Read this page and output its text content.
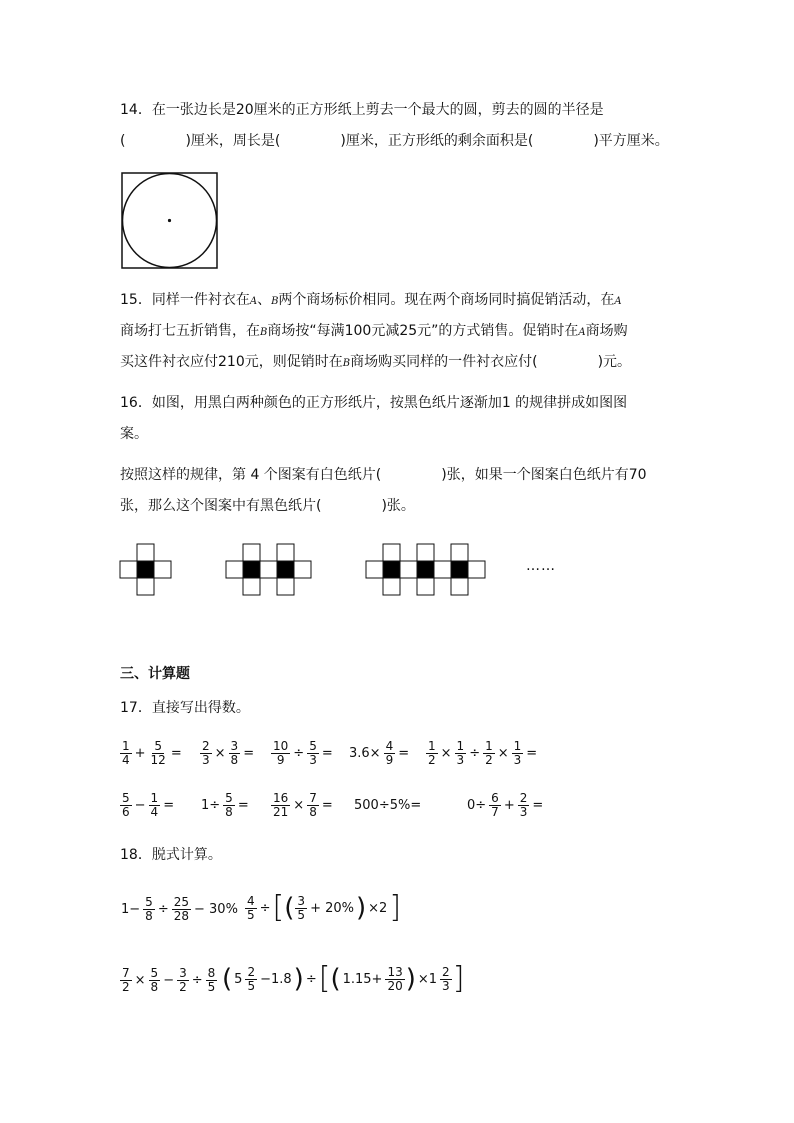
14．在一张边长是20厘米的正方形纸上剪去一个最大的圆，剪去的圆的半径是
(	)厘米，周长是(	)厘米，正方形纸的剩余面积是(	)平方厘米。
15．同样一件衬衣在A、B两个商场标价相同。现在两个商场同时搞促销活动，在A
商场打七五折销售，在B商场按“每满100元减25元”的方式销售。促销时在A商场购
买这件衬衣应付210元，则促销时在B商场购买同样的一件衬衣应付(	)元。
16．如图，用黑白两种颜色的正方形纸片，按黑色纸片逐渐加1 的规律拼成如图图
案。
按照这样的规律，第 4 个图案有白色纸片(	)张，如果一个图案白色纸片有70
张，那么这个图案中有黑色纸片(	)张。
……
三、计算题
17．直接写出得数。
$\frac{1}{4} + \frac{5}{12} = \frac{2}{3} \times \frac{3}{8} = \frac{10}{9} \div \frac{5}{3} = 3.6\times \frac{4}{9} = \frac{1}{2} \times \frac{1}{3} \div \frac{1}{2} \times \frac{1}{3}$ =
$\frac{5}{6} - \frac{1}{4} = 1\div \frac{5}{8} = \frac{16}{21} \times \frac{7}{8} = 500\div 5\%=$	$0\div \frac{6}{7} + \frac{2}{3}$ =
18．脱式计算。
$1- \frac{5}{8} \div \frac{25}{28} - 30\% \frac{4}{5}$ ÷ [ ( $\frac{3}{5} + 20\%$ ) ×2 ]
$\frac{7}{2} \times \frac{5}{8} - \frac{3}{2} \div \frac{8}{5}$ ( $5 \frac{2}{5} -1.8$ ) ÷ [ ( $1.15+ \frac{13}{20}$ ) $\times 1 \frac{2}{3}$ ]
